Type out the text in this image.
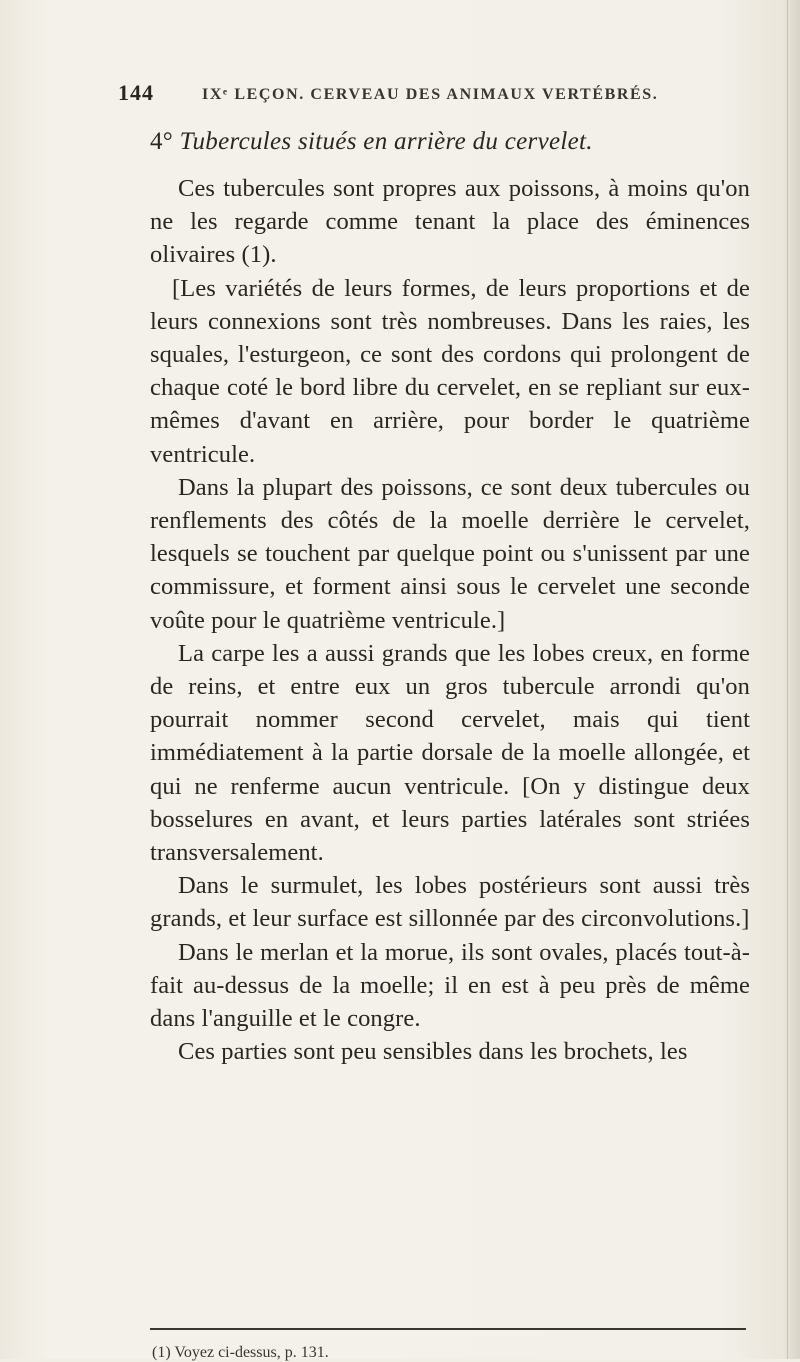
144	IXᵉ LEÇON. CERVEAU DES ANIMAUX VERTÉBRÉS.
4° Tubercules situés en arrière du cervelet.

Ces tubercules sont propres aux poissons, à moins qu'on ne les regarde comme tenant la place des éminences olivaires (1).

[Les variétés de leurs formes, de leurs proportions et de leurs connexions sont très nombreuses. Dans les raies, les squales, l'esturgeon, ce sont des cordons qui prolongent de chaque coté le bord libre du cervelet, en se repliant sur eux-mêmes d'avant en arrière, pour border le quatrième ventricule.

Dans la plupart des poissons, ce sont deux tubercules ou renflements des côtés de la moelle derrière le cervelet, lesquels se touchent par quelque point ou s'unissent par une commissure, et forment ainsi sous le cervelet une seconde voûte pour le quatrième ventricule.]

La carpe les a aussi grands que les lobes creux, en forme de reins, et entre eux un gros tubercule arrondi qu'on pourrait nommer second cervelet, mais qui tient immédiatement à la partie dorsale de la moelle allongée, et qui ne renferme aucun ventricule. [On y distingue deux bosselures en avant, et leurs parties latérales sont striées transversalement.

Dans le surmulet, les lobes postérieurs sont aussi très grands, et leur surface est sillonnée par des circonvolutions.]

Dans le merlan et la morue, ils sont ovales, placés tout-à-fait au-dessus de la moelle; il en est à peu près de même dans l'anguille et le congre.

Ces parties sont peu sensibles dans les brochets, les

(1) Voyez ci-dessus, p. 131.
